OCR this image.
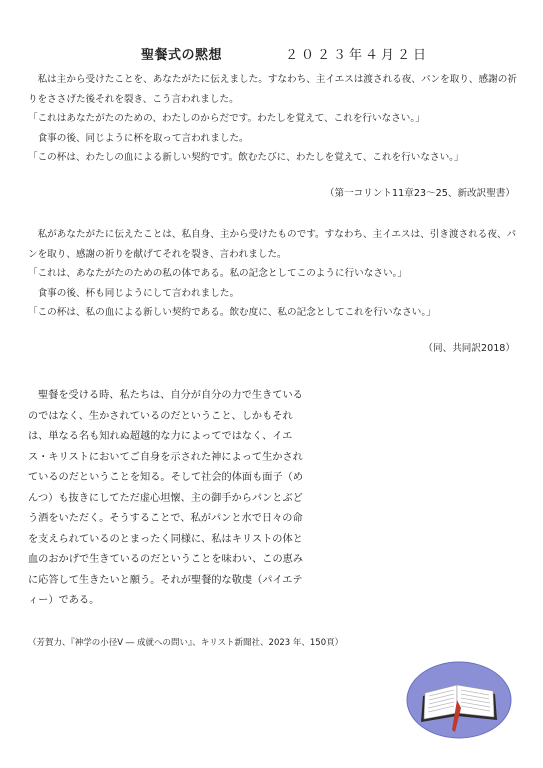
聖餐式の黙想	２０２３年４月２日

私は主から受けたことを、あなたがたに伝えました。すなわち、主イエスは渡される夜、パンを取り、感謝の祈りをささげた後それを裂き、こう言われました。

「これはあなたがたのための、わたしのからだです。わたしを覚えて、これを行いなさい。」

食事の後、同じように杯を取って言われました。

「この杯は、わたしの血による新しい契約です。飲むたびに、わたしを覚えて、これを行いなさい。」

（第一コリント11章23～25、新改訳聖書）

私があなたがたに伝えたことは、私自身、主から受けたものです。すなわち、主イエスは、引き渡される夜、パンを取り、感謝の祈りを献げてそれを裂き、言われました。

「これは、あなたがたのための私の体である。私の記念としてこのように行いなさい。」

食事の後、杯も同じようにして言われました。

「この杯は、私の血による新しい契約である。飲む度に、私の記念としてこれを行いなさい。」

（同、共同訳2018）

聖餐を受ける時、私たちは、自分が自分の力で生きているのではなく、生かされているのだということ、しかもそれは、単なる名も知れぬ超越的な力によってではなく、イエス・キリストにおいてご自身を示された神によって生かされているのだということを知る。そして社会的体面も面子（めんつ）も抜きにしてただ虚心坦懐、主の御手からパンとぶどう酒をいただく。そうすることで、私がパンと水で日々の命を支えられているのとまったく同様に、私はキリストの体と血のおかげで生きているのだということを味わい、この恵みに応答して生きたいと願う。それが聖餐的な敬虔（パイエティー）である。

（芳賀力、『神学の小径Ⅴ ― 成就への問い』、キリスト新聞社、2023 年、150頁）
